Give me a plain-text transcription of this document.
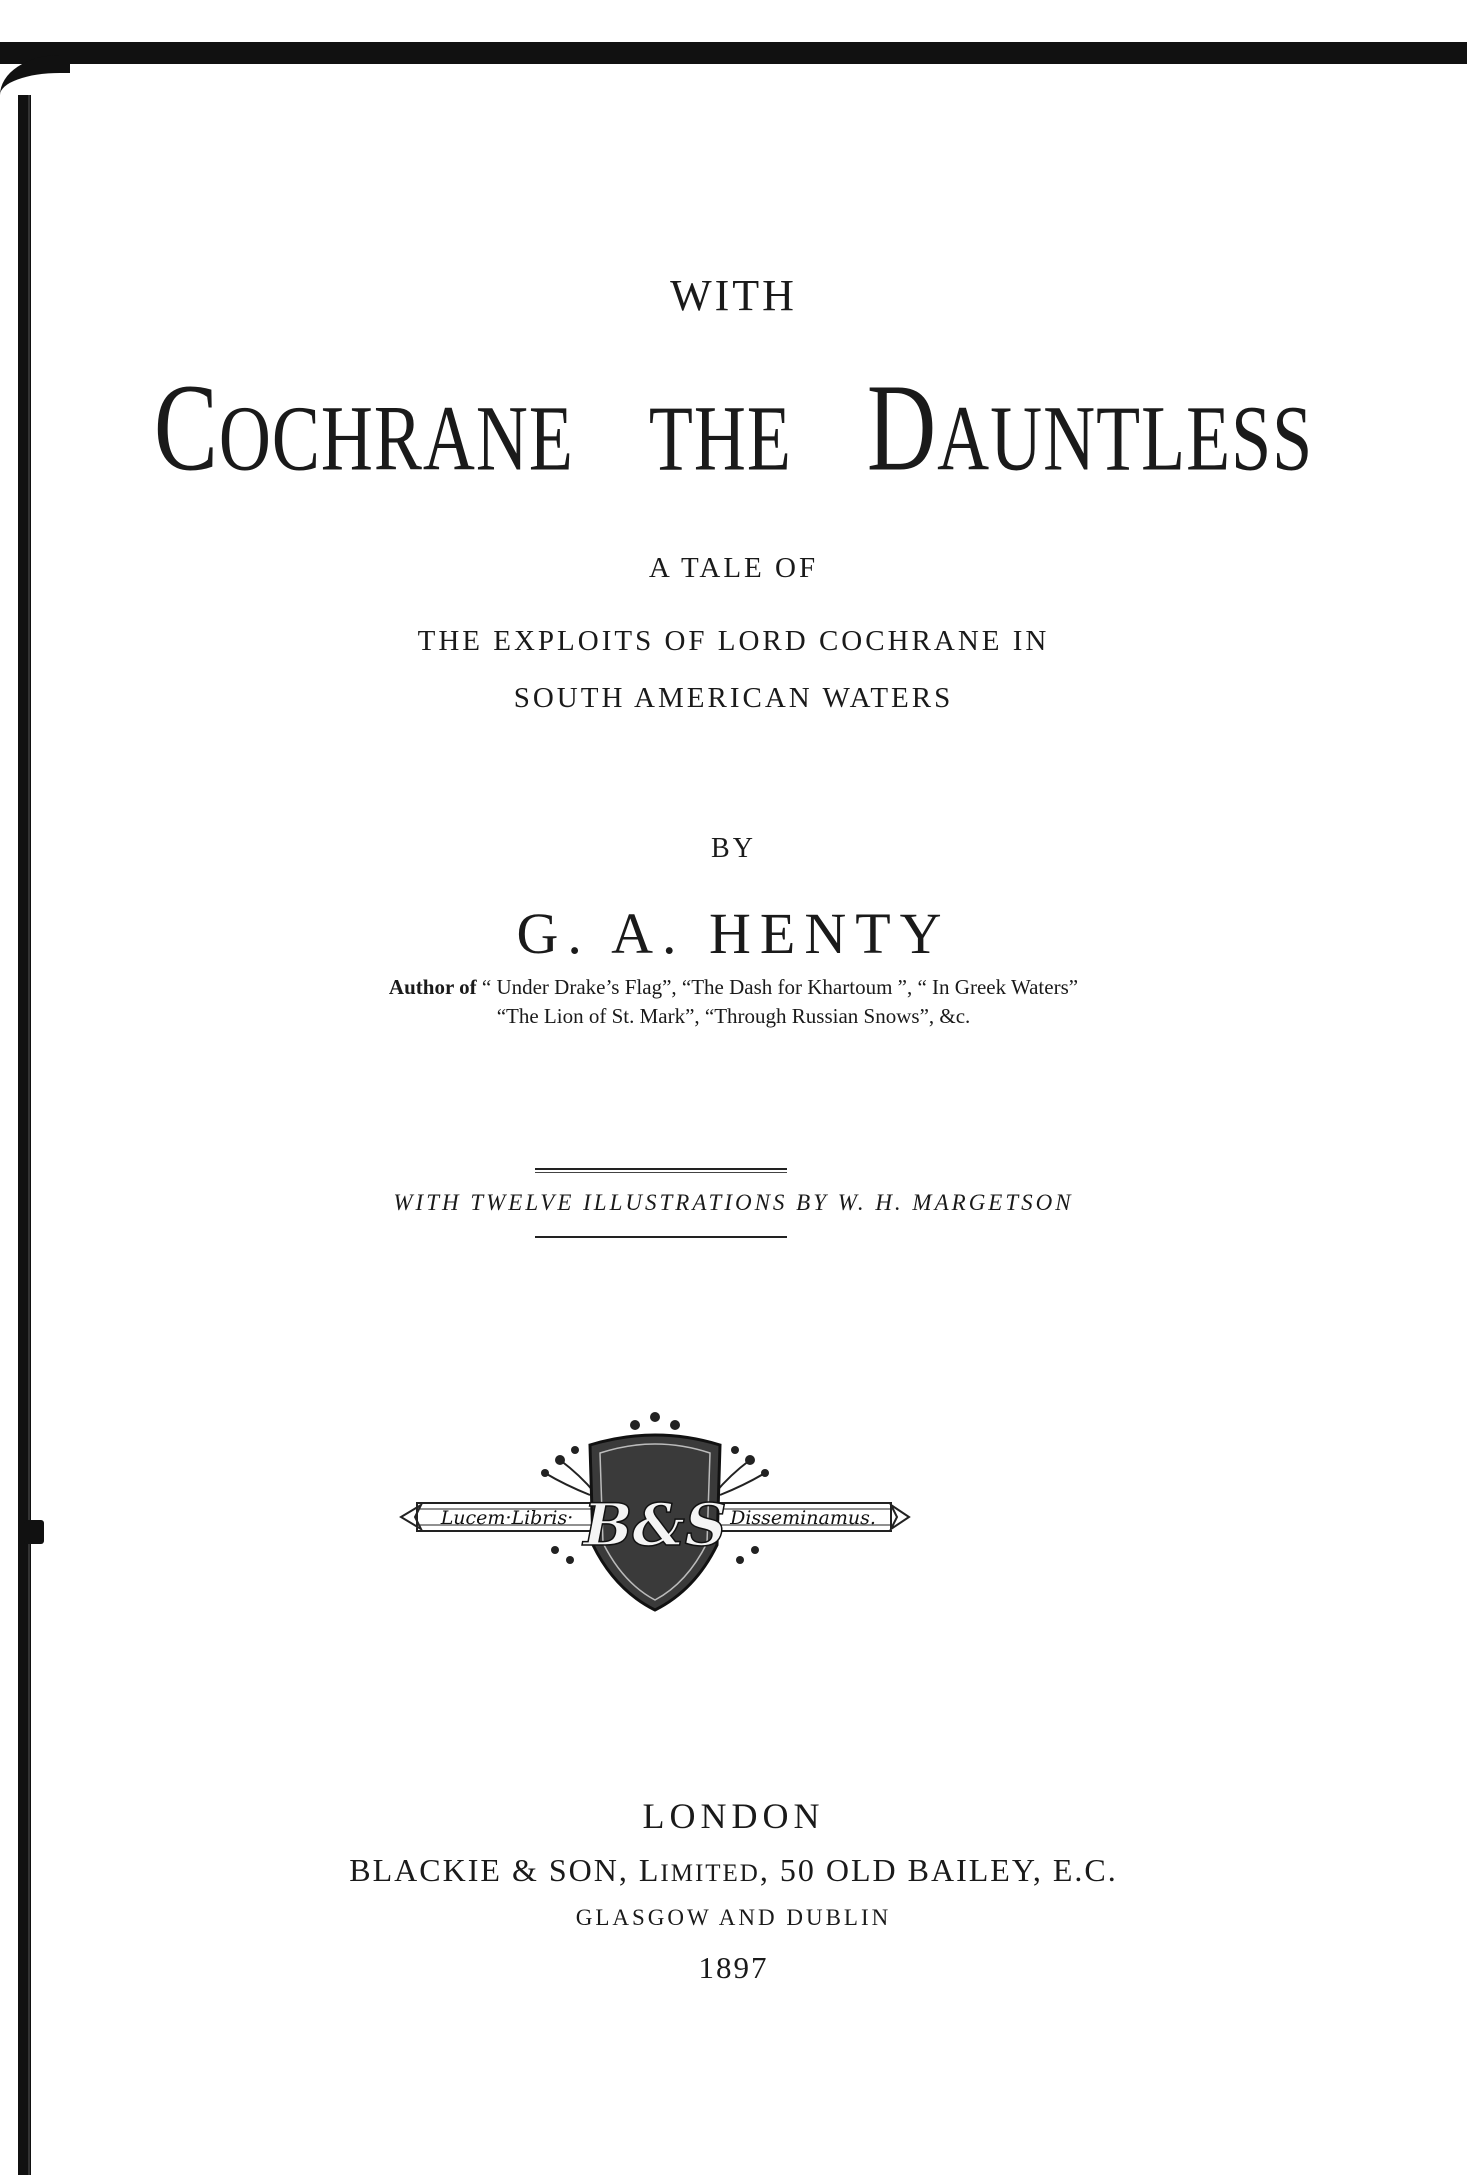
WITH
COCHRANE THE DAUNTLESS
A TALE OF
THE EXPLOITS OF LORD COCHRANE IN
SOUTH AMERICAN WATERS
BY
G. A. HENTY
Author of “ Under Drake’s Flag”, “The Dash for Khartoum ”, “ In Greek Waters”
“The Lion of St. Mark”, “Through Russian Snows”, &c.
WITH TWELVE ILLUSTRATIONS BY W. H. MARGETSON
Lucem·Libris·	Disseminamus.
B&S
LONDON
BLACKIE & SON, LIMITED, 50 OLD BAILEY, E.C.
GLASGOW AND DUBLIN
1897
